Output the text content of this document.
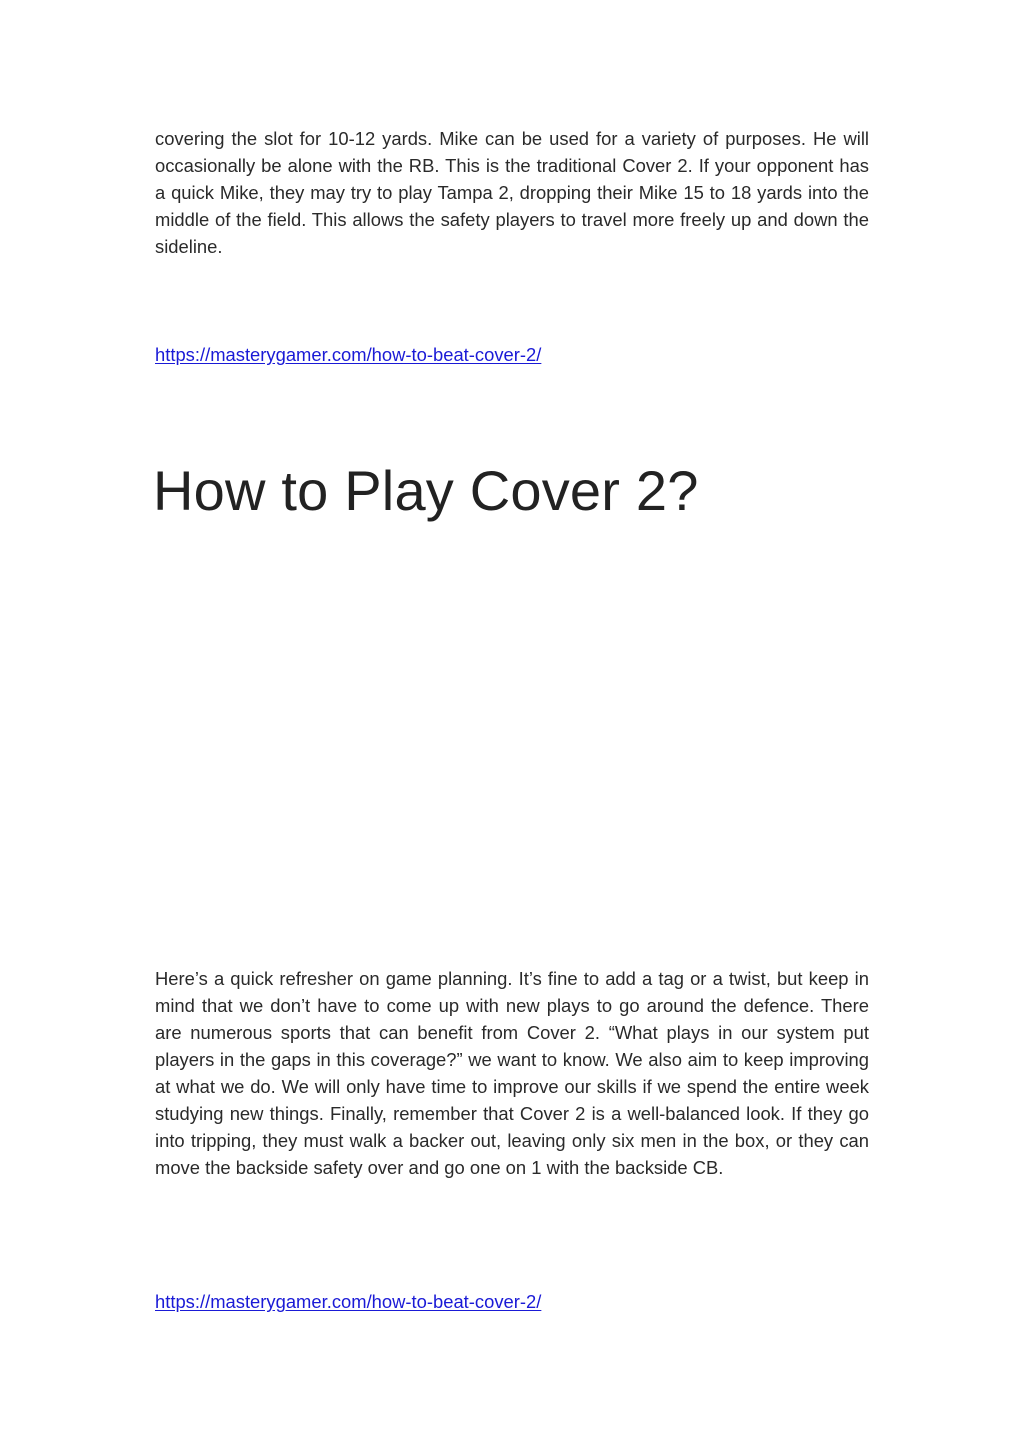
covering the slot for 10-12 yards. Mike can be used for a variety of purposes. He will occasionally be alone with the RB. This is the traditional Cover 2. If your opponent has a quick Mike, they may try to play Tampa 2, dropping their Mike 15 to 18 yards into the middle of the field. This allows the safety players to travel more freely up and down the sideline.

https://masterygamer.com/how-to-beat-cover-2/
How to Play Cover 2?

Here’s a quick refresher on game planning. It’s fine to add a tag or a twist, but keep in mind that we don’t have to come up with new plays to go around the defence. There are numerous sports that can benefit from Cover 2. “What plays in our system put players in the gaps in this coverage?” we want to know. We also aim to keep improving at what we do. We will only have time to improve our skills if we spend the entire week studying new things. Finally, remember that Cover 2 is a well-balanced look. If they go into tripping, they must walk a backer out, leaving only six men in the box, or they can move the backside safety over and go one on 1 with the backside CB.

https://masterygamer.com/how-to-beat-cover-2/
